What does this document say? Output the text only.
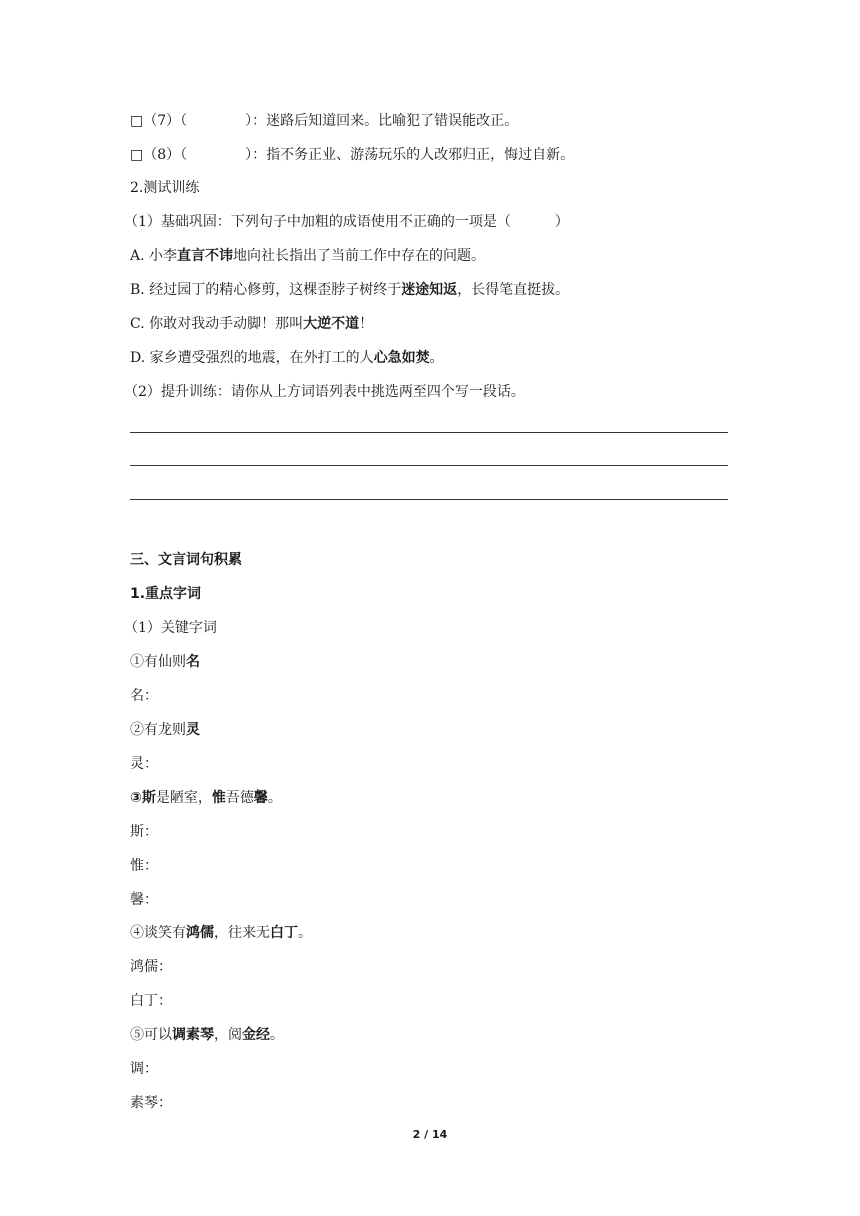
□（7）（	）：迷路后知道回来。比喻犯了错误能改正。
□（8）（	）：指不务正业、游荡玩乐的人改邪归正，悔过自新。
2.测试训练
（1）基础巩固：下列句子中加粗的成语使用不正确的一项是（	）
A. 小李直言不讳地向社长指出了当前工作中存在的问题。
B. 经过园丁的精心修剪，这棵歪脖子树终于迷途知返，长得笔直挺拔。
C. 你敢对我动手动脚！那叫大逆不道！
D. 家乡遭受强烈的地震，在外打工的人心急如焚。
（2）提升训练：请你从上方词语列表中挑选两至四个写一段话。
三、文言词句积累
1.重点字词
（1）关键字词
①有仙则名
名：
②有龙则灵
灵：
③斯是陋室，惟吾德馨。
斯：
惟：
馨：
④谈笑有鸿儒，往来无白丁。
鸿儒：
白丁：
⑤可以调素琴，阅金经。
调：
素琴：
2 / 14
